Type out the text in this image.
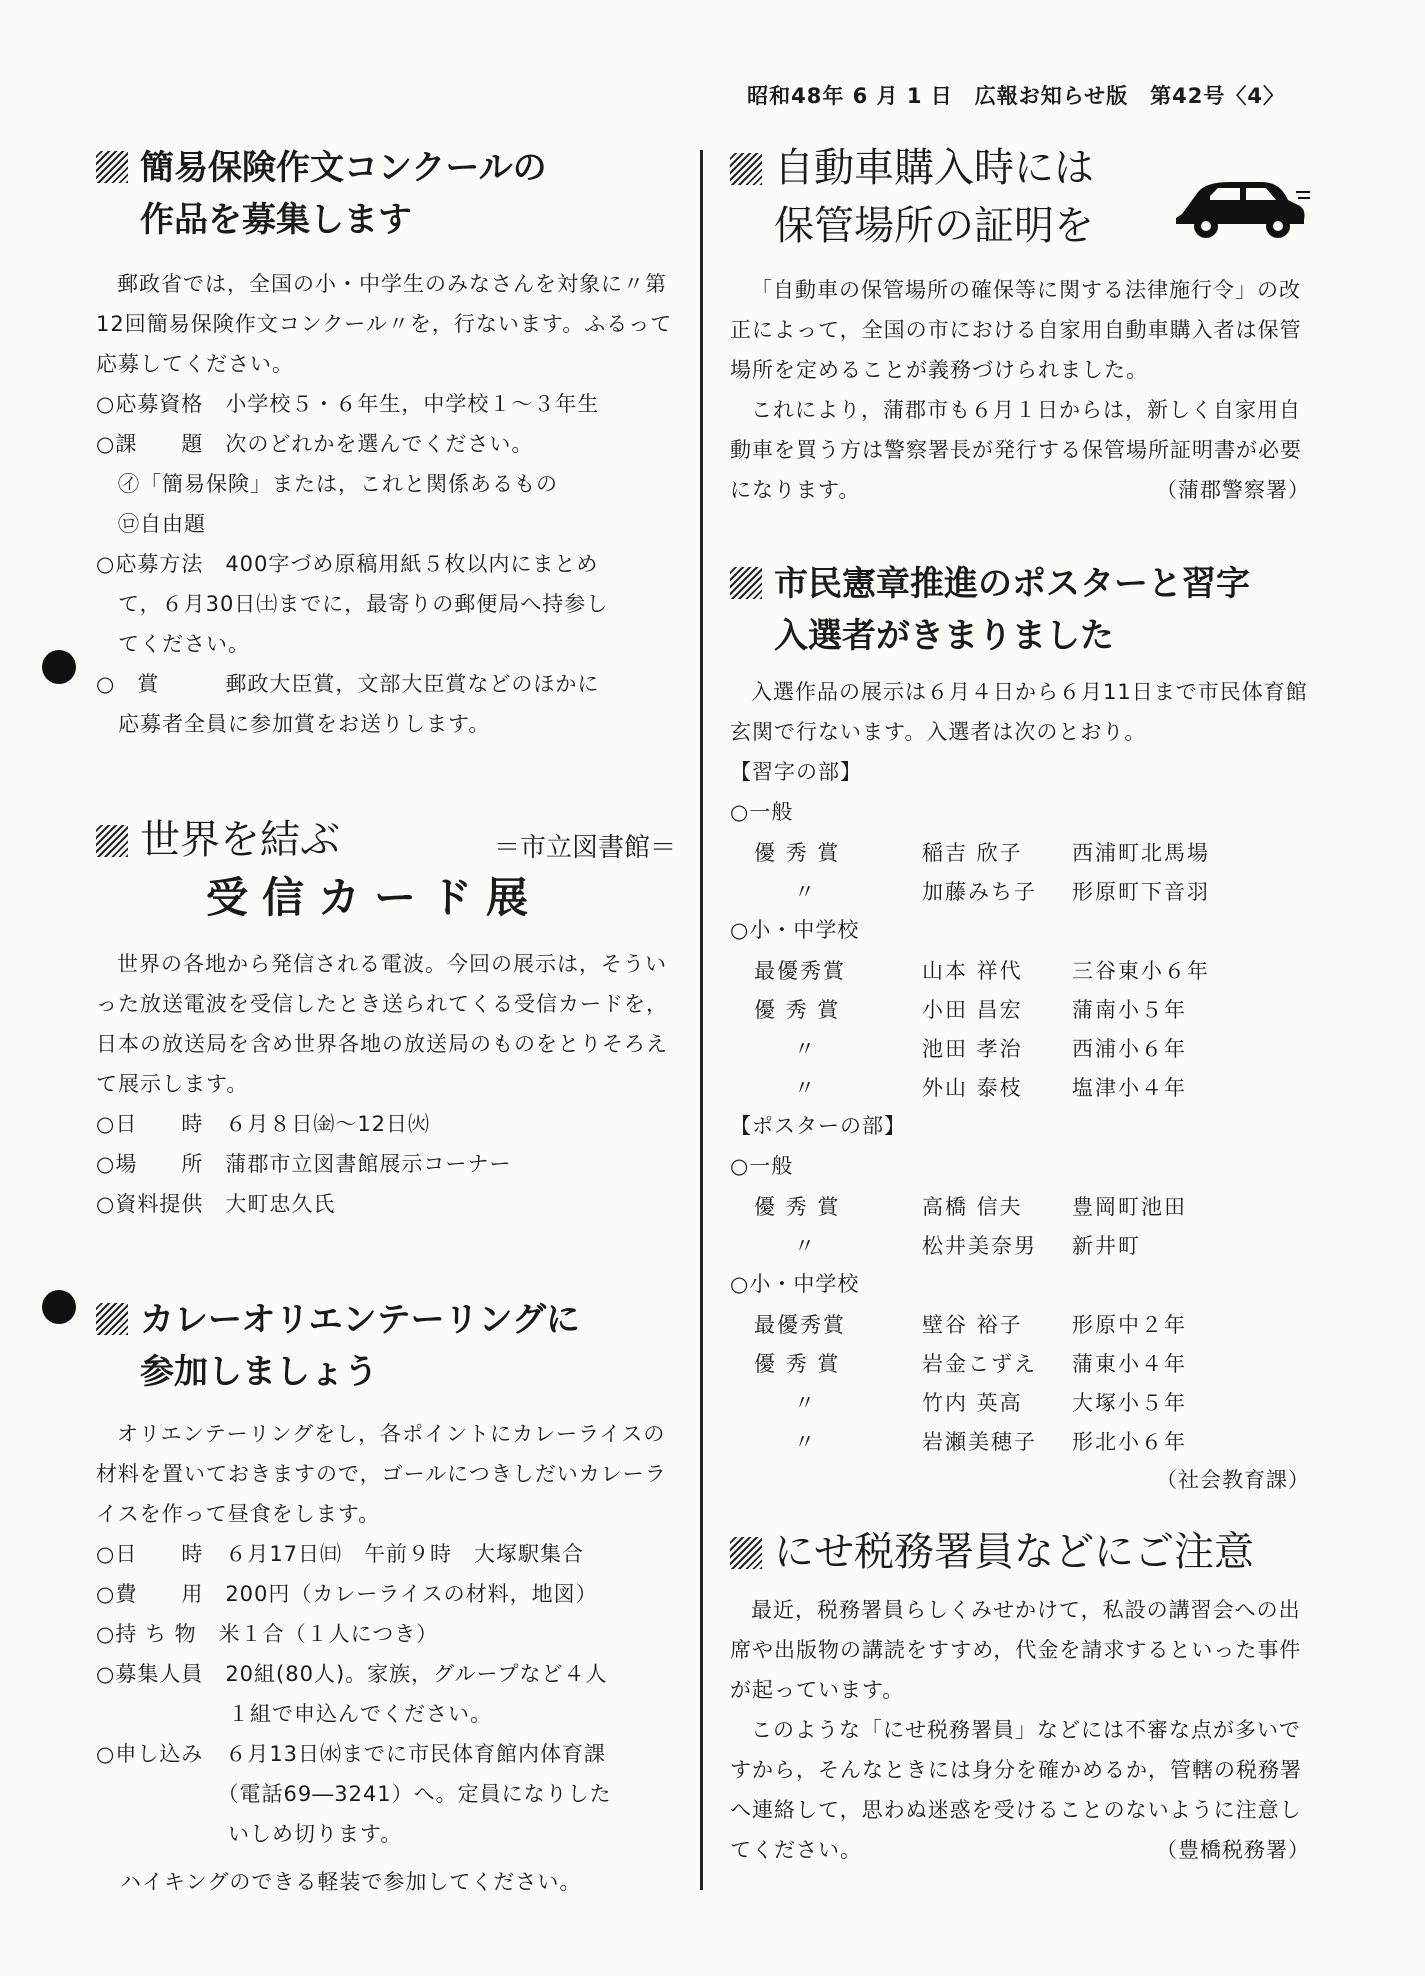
昭和48年 6 月 1 日　広報お知らせ版　第42号〈4〉
簡易保険作文コンクールの
作品を募集します

郵政省では，全国の小・中学生のみなさんを対象に〃第12回簡易保険作文コンクール〃を，行ないます。ふるって応募してください。

○応募資格　小学校５・６年生，中学校１～３年生
○課　　題　次のどれかを選んでください。
　㋑「簡易保険」または，これと関係あるもの
　㋺自由題
○応募方法　400字づめ原稿用紙５枚以内にまとめ
　て，６月30日㈯までに，最寄りの郵便局へ持参し
　てください。
○　賞　　　郵政大臣賞，文部大臣賞などのほかに
　応募者全員に参加賞をお送りします。
世界を結ぶ	＝市立図書館＝
受信カード展

世界の各地から発信される電波。今回の展示は，そういった放送電波を受信したとき送られてくる受信カードを，日本の放送局を含め世界各地の放送局のものをとりそろえて展示します。

○日　　時　６月８日㈮～12日㈫
○場　　所　蒲郡市立図書館展示コーナー
○資料提供　大町忠久氏
カレーオリエンテーリングに
参加しましょう

オリエンテーリングをし，各ポイントにカレーライスの材料を置いておきますので，ゴールにつきしだいカレーライスを作って昼食をします。

○日　　時　６月17日㈰　午前９時　大塚駅集合
○費　　用　200円（カレーライスの材料，地図）
○持 ち 物　米１合（１人につき）
○募集人員　20組(80人)。家族，グループなど４人
　　　　　　１組で申込んでください。
○申し込み　６月13日㈬までに市民体育館内体育課
　　　　　　（電話69―3241）へ。定員になりした
　　　　　　いしめ切ります。
ハイキングのできる軽装で参加してください。
自動車購入時には
保管場所の証明を

「自動車の保管場所の確保等に関する法律施行令」の改正によって，全国の市における自家用自動車購入者は保管場所を定めることが義務づけられました。

これにより，蒲郡市も６月１日からは，新しく自家用自動車を買う方は警察署長が発行する保管場所証明書が必要になります。	（蒲郡警察署）
市民憲章推進のポスターと習字
入選者がきまりました

入選作品の展示は６月４日から６月11日まで市民体育館玄関で行ないます。入選者は次のとおり。

【習字の部】
○一般
優 秀 賞	稲吉 欣子	西浦町北馬場
〃	加藤みち子	形原町下音羽
○小・中学校
最優秀賞	山本 祥代	三谷東小６年
優 秀 賞	小田 昌宏	蒲南小５年
〃	池田 孝治	西浦小６年
〃	外山 泰枝	塩津小４年
【ポスターの部】
○一般
優 秀 賞	高橋 信夫	豊岡町池田
〃	松井美奈男	新井町
○小・中学校
最優秀賞	壁谷 裕子	形原中２年
優 秀 賞	岩金こずえ	蒲東小４年
〃	竹内 英高	大塚小５年
〃	岩瀬美穂子	形北小６年
（社会教育課）
にせ税務署員などにご注意

最近，税務署員らしくみせかけて，私設の講習会への出席や出版物の講読をすすめ，代金を請求するといった事件が起っています。

このような「にせ税務署員」などには不審な点が多いですから，そんなときには身分を確かめるか，管轄の税務署へ連絡して，思わぬ迷惑を受けることのないように注意してください。	（豊橋税務署）
